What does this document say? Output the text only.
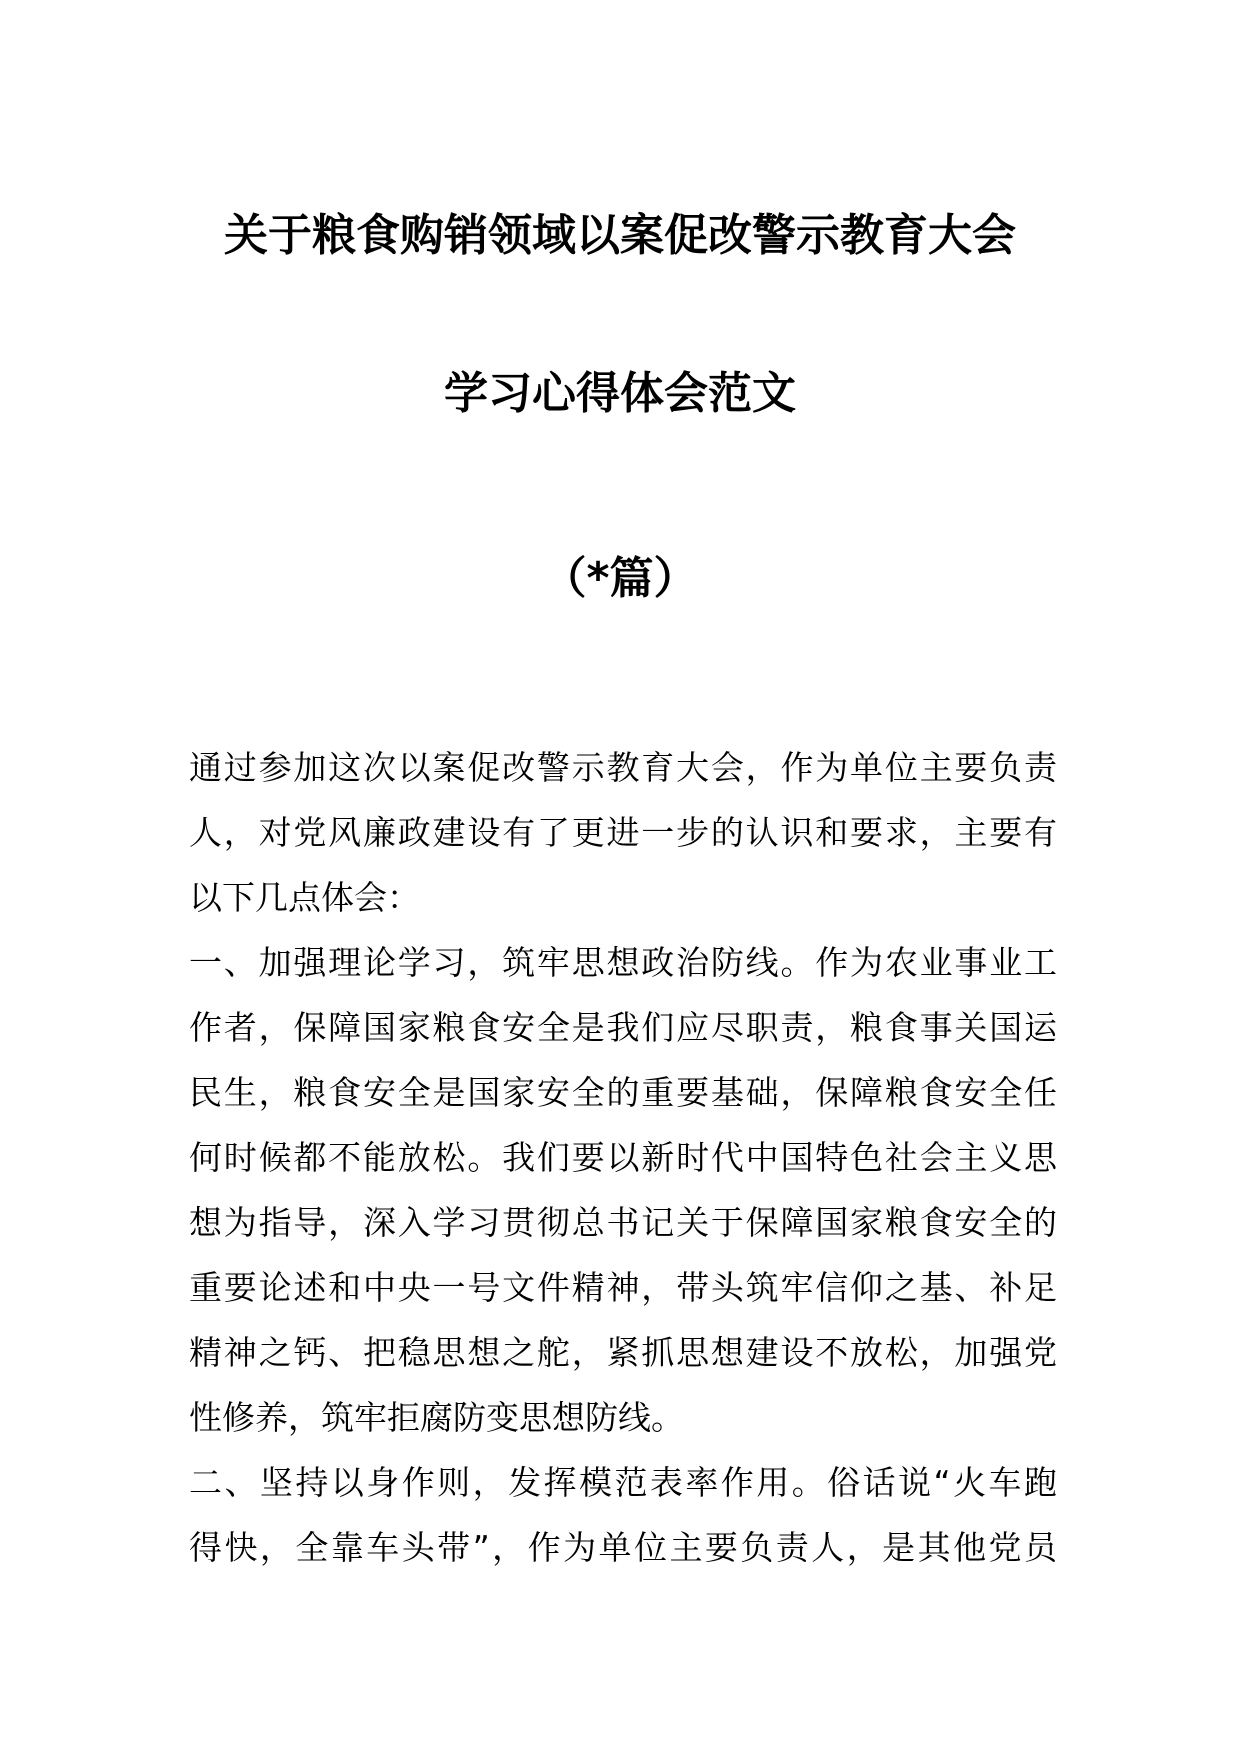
关于粮食购销领域以案促改警示教育大会
学习心得体会范文
（*篇）
通过参加这次以案促改警示教育大会，作为单位主要负责
人，对党风廉政建设有了更进一步的认识和要求，主要有
以下几点体会：
一、加强理论学习，筑牢思想政治防线。作为农业事业工
作者，保障国家粮食安全是我们应尽职责，粮食事关国运
民生，粮食安全是国家安全的重要基础，保障粮食安全任
何时候都不能放松。我们要以新时代中国特色社会主义思
想为指导，深入学习贯彻总书记关于保障国家粮食安全的
重要论述和中央一号文件精神，带头筑牢信仰之基、补足
精神之钙、把稳思想之舵，紧抓思想建设不放松，加强党
性修养，筑牢拒腐防变思想防线。
二、坚持以身作则，发挥模范表率作用。俗话说“火车跑
得快，全靠车头带”，作为单位主要负责人，是其他党员
